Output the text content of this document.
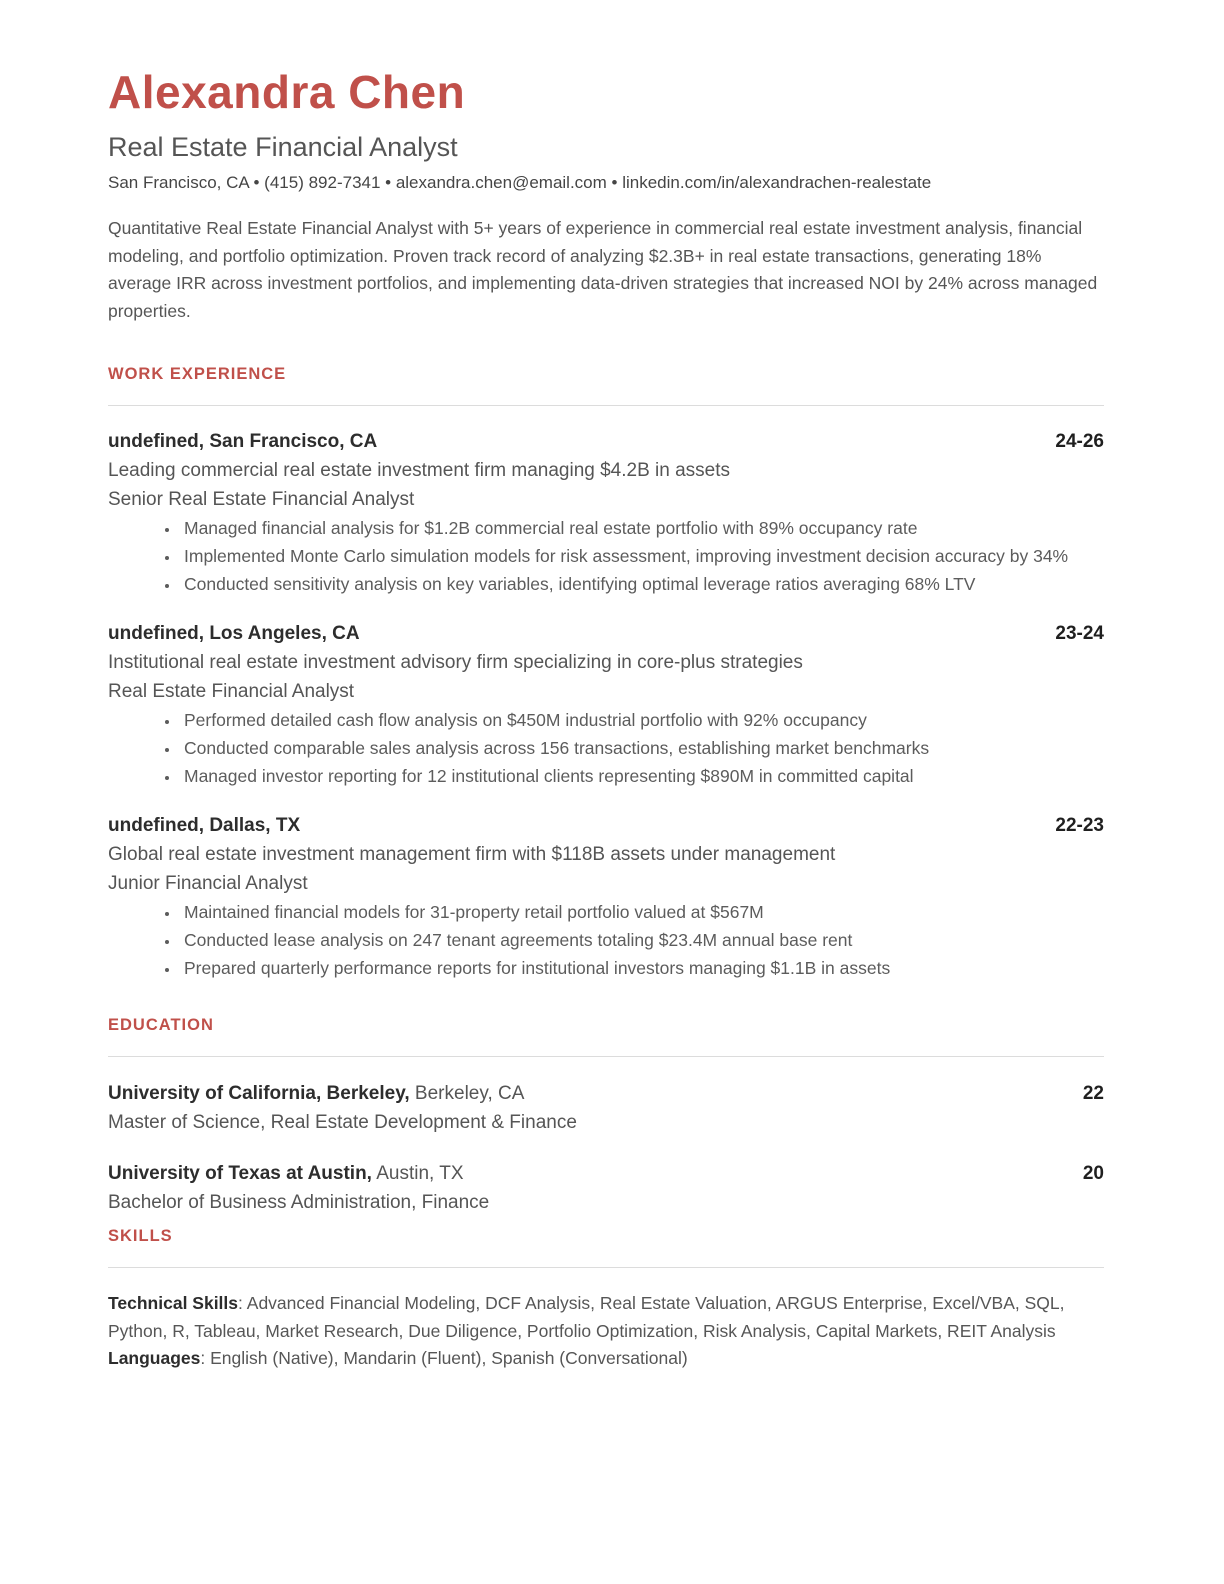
Alexandra Chen
Real Estate Financial Analyst
San Francisco, CA • (415) 892-7341 • alexandra.chen@email.com • linkedin.com/in/alexandrachen-realestate

Quantitative Real Estate Financial Analyst with 5+ years of experience in commercial real estate investment analysis, financial modeling, and portfolio optimization. Proven track record of analyzing $2.3B+ in real estate transactions, generating 18% average IRR across investment portfolios, and implementing data-driven strategies that increased NOI by 24% across managed properties.

WORK EXPERIENCE
undefined, San Francisco, CA	24-26
Leading commercial real estate investment firm managing $4.2B in assets
Senior Real Estate Financial Analyst
• Managed financial analysis for $1.2B commercial real estate portfolio with 89% occupancy rate
• Implemented Monte Carlo simulation models for risk assessment, improving investment decision accuracy by 34%
• Conducted sensitivity analysis on key variables, identifying optimal leverage ratios averaging 68% LTV
undefined, Los Angeles, CA	23-24
Institutional real estate investment advisory firm specializing in core-plus strategies
Real Estate Financial Analyst
• Performed detailed cash flow analysis on $450M industrial portfolio with 92% occupancy
• Conducted comparable sales analysis across 156 transactions, establishing market benchmarks
• Managed investor reporting for 12 institutional clients representing $890M in committed capital
undefined, Dallas, TX	22-23
Global real estate investment management firm with $118B assets under management
Junior Financial Analyst
• Maintained financial models for 31-property retail portfolio valued at $567M
• Conducted lease analysis on 247 tenant agreements totaling $23.4M annual base rent
• Prepared quarterly performance reports for institutional investors managing $1.1B in assets
EDUCATION
University of California, Berkeley, Berkeley, CA	22
Master of Science, Real Estate Development & Finance
University of Texas at Austin, Austin, TX	20
Bachelor of Business Administration, Finance
SKILLS

Technical Skills: Advanced Financial Modeling, DCF Analysis, Real Estate Valuation, ARGUS Enterprise, Excel/VBA, SQL, Python, R, Tableau, Market Research, Due Diligence, Portfolio Optimization, Risk Analysis, Capital Markets, REIT Analysis

Languages: English (Native), Mandarin (Fluent), Spanish (Conversational)
